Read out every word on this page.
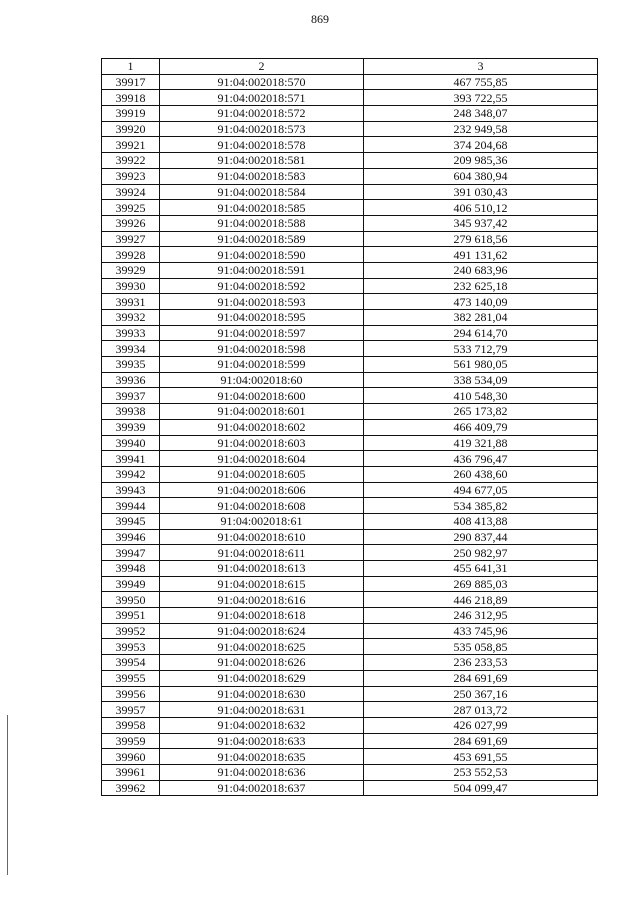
869
1	2	3
39917	91:04:002018:570	467 755,85
39918	91:04:002018:571	393 722,55
39919	91:04:002018:572	248 348,07
39920	91:04:002018:573	232 949,58
39921	91:04:002018:578	374 204,68
39922	91:04:002018:581	209 985,36
39923	91:04:002018:583	604 380,94
39924	91:04:002018:584	391 030,43
39925	91:04:002018:585	406 510,12
39926	91:04:002018:588	345 937,42
39927	91:04:002018:589	279 618,56
39928	91:04:002018:590	491 131,62
39929	91:04:002018:591	240 683,96
39930	91:04:002018:592	232 625,18
39931	91:04:002018:593	473 140,09
39932	91:04:002018:595	382 281,04
39933	91:04:002018:597	294 614,70
39934	91:04:002018:598	533 712,79
39935	91:04:002018:599	561 980,05
39936	91:04:002018:60	338 534,09
39937	91:04:002018:600	410 548,30
39938	91:04:002018:601	265 173,82
39939	91:04:002018:602	466 409,79
39940	91:04:002018:603	419 321,88
39941	91:04:002018:604	436 796,47
39942	91:04:002018:605	260 438,60
39943	91:04:002018:606	494 677,05
39944	91:04:002018:608	534 385,82
39945	91:04:002018:61	408 413,88
39946	91:04:002018:610	290 837,44
39947	91:04:002018:611	250 982,97
39948	91:04:002018:613	455 641,31
39949	91:04:002018:615	269 885,03
39950	91:04:002018:616	446 218,89
39951	91:04:002018:618	246 312,95
39952	91:04:002018:624	433 745,96
39953	91:04:002018:625	535 058,85
39954	91:04:002018:626	236 233,53
39955	91:04:002018:629	284 691,69
39956	91:04:002018:630	250 367,16
39957	91:04:002018:631	287 013,72
39958	91:04:002018:632	426 027,99
39959	91:04:002018:633	284 691,69
39960	91:04:002018:635	453 691,55
39961	91:04:002018:636	253 552,53
39962	91:04:002018:637	504 099,47
